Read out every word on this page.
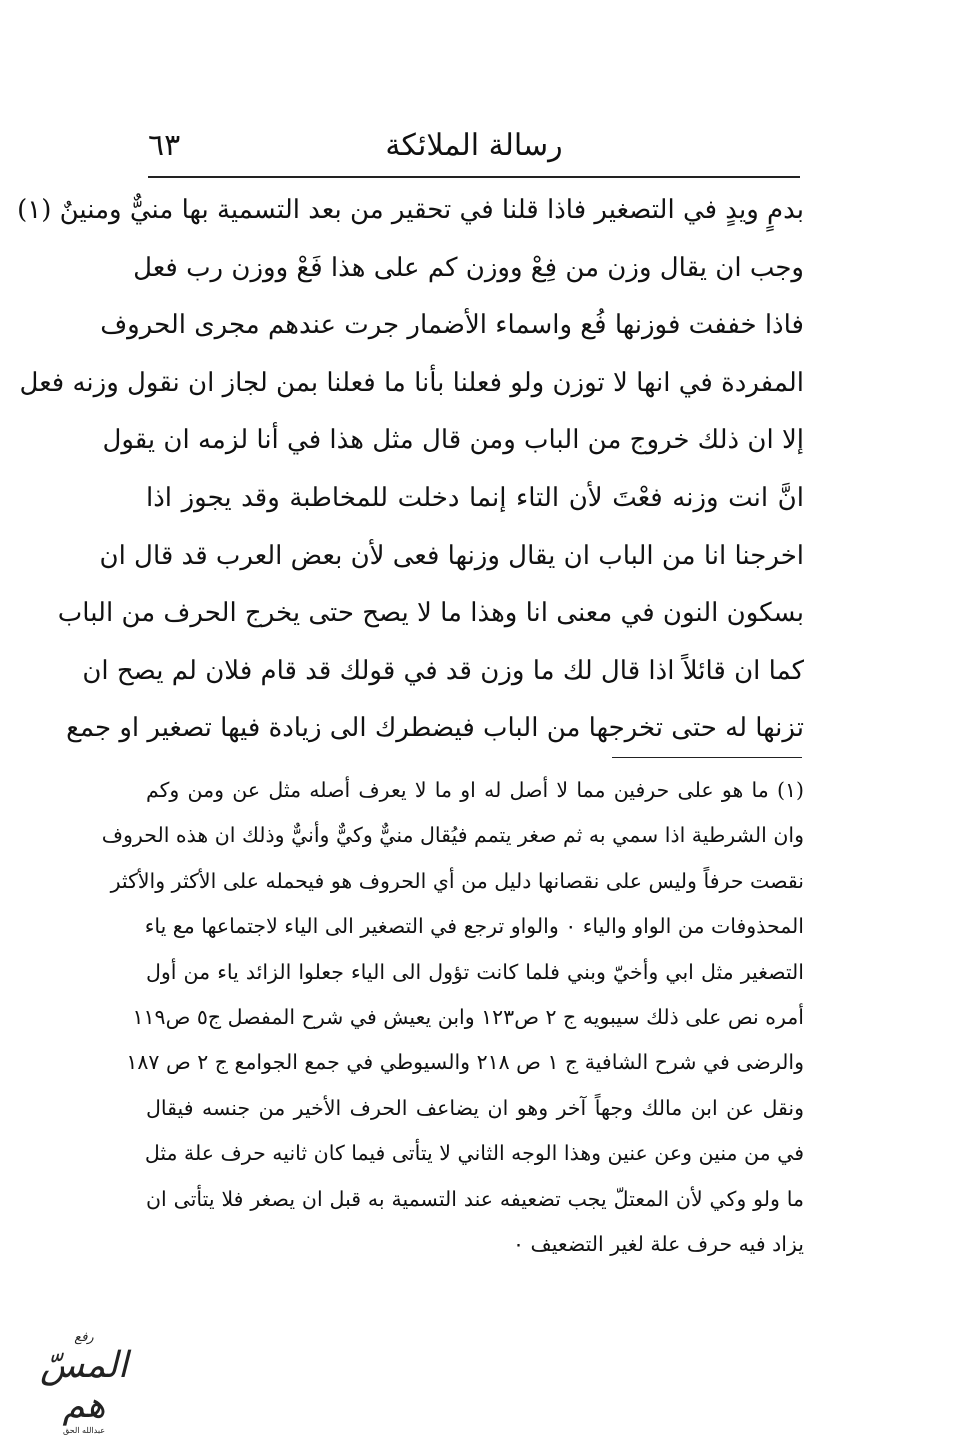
٦٣	رسالة الملائكة
بدمٍ ويدٍ في التصغير فاذا قلنا في تحقير من بعد التسمية بها منيٌّ ومنينٌ (١)
وجب ان يقال وزن من فِعْ ووزن كم على هذا فَعْ ووزن رب فعل
فاذا خففت فوزنها فُع واسماء الأضمار جرت عندهم مجرى الحروف
المفردة في انها لا توزن ولو فعلنا بأنا ما فعلنا بمن لجاز ان نقول وزنه فعل
إلا ان ذلك خروج من الباب ومن قال مثل هذا في أنا لزمه ان يقول
انَّ انت وزنه فعْتَ لأن التاء إنما دخلت للمخاطبة وقد يجوز اذا
اخرجنا انا من الباب ان يقال وزنها فعى لأن بعض العرب قد قال ان
بسكون النون في معنى انا وهذا ما لا يصح حتى يخرج الحرف من الباب
كما ان قائلاً اذا قال لك ما وزن قد في قولك قد قام فلان لم يصح ان
تزنها له حتى تخرجها من الباب فيضطرك الى زيادة فيها تصغير او جمع
(١) ما هو على حرفين مما لا أصل له او ما لا يعرف أصله مثل عن ومن وكم
وان الشرطية اذا سمي به ثم صغر يتمم فيُقال منيٌّ وكيٌّ وأنيٌّ وذلك ان هذه الحروف
نقصت حرفاً وليس على نقصانها دليل من أي الحروف هو فيحمله على الأكثر والأكثر
المحذوفات من الواو والياء ٠ والواو ترجع في التصغير الى الياء لاجتماعها مع ياء
التصغير مثل ابي وأخيّ وبني فلما كانت تؤول الى الياء جعلوا الزائد ياء من أول
أمره نص على ذلك سيبويه ج ٢ ص١٢٣ وابن يعيش في شرح المفصل ج٥ ص١١٩
والرضى في شرح الشافية ج ١ ص ٢١٨ والسيوطي في جمع الجوامع ج ٢ ص ١٨٧
ونقل عن ابن مالك وجهاً آخر وهو ان يضاعف الحرف الأخير من جنسه فيقال
في من منين وعن عنين وهذا الوجه الثاني لا يتأتى فيما كان ثانيه حرف علة مثل
ما ولو وكي لأن المعتلّ يجب تضعيفه عند التسمية به قبل ان يصغر فلا يتأتى ان
يزاد فيه حرف علة لغير التضعيف ٠
رفع
المسّ هم
عبدالله الحق
